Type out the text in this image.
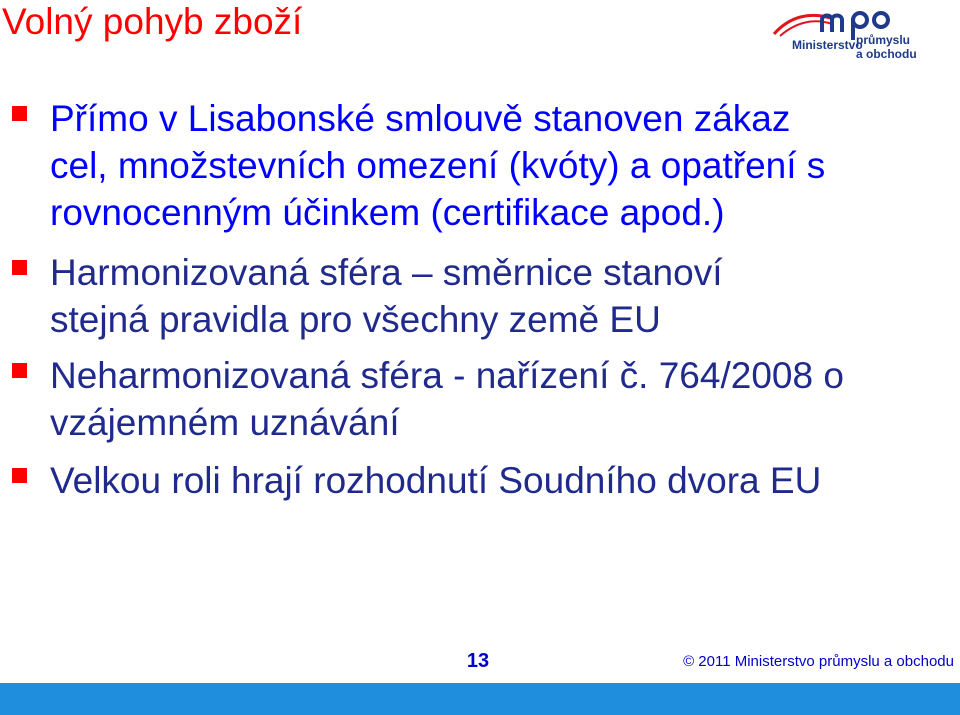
Volný pohyb zboží
Ministerstvo
průmyslu
a obchodu
Přímo v Lisabonské smlouvě stanoven zákaz
cel, množstevních omezení (kvóty) a opatření s
rovnocenným účinkem (certifikace apod.)
Harmonizovaná sféra – směrnice stanoví
stejná pravidla pro všechny země EU
Neharmonizovaná sféra - nařízení č. 764/2008 o
vzájemném uznávání
Velkou roli hrají rozhodnutí Soudního dvora EU
13	© 2011 Ministerstvo průmyslu a obchodu
